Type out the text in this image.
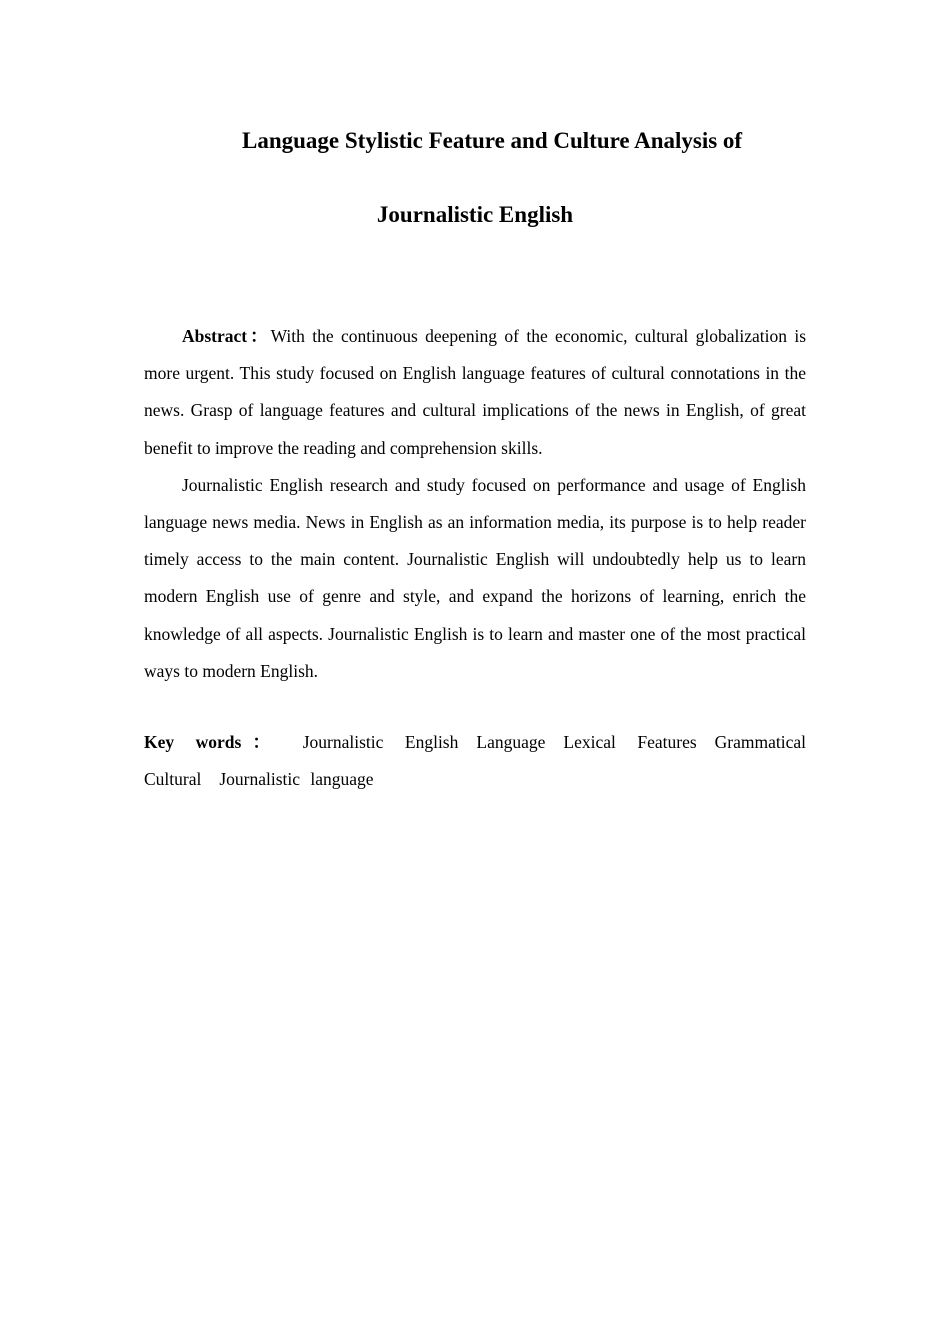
Language Stylistic Feature and Culture Analysis of
Journalistic English

Abstract：With the continuous deepening of the economic, cultural globalization is more urgent. This study focused on English language features of cultural connotations in the news. Grasp of language features and cultural implications of the news in English, of great benefit to improve the reading and comprehension skills.

Journalistic English research and study focused on performance and usage of English language news media. News in English as an information media, its purpose is to help reader timely access to the main content. Journalistic English will undoubtedly help us to learn modern English use of genre and style, and expand the horizons of learning, enrich the knowledge of all aspects. Journalistic English is to learn and master one of the most practical ways to modern English.

Key words： Journalistic English Language Lexical Features Grammatical Cultural Journalistic language
